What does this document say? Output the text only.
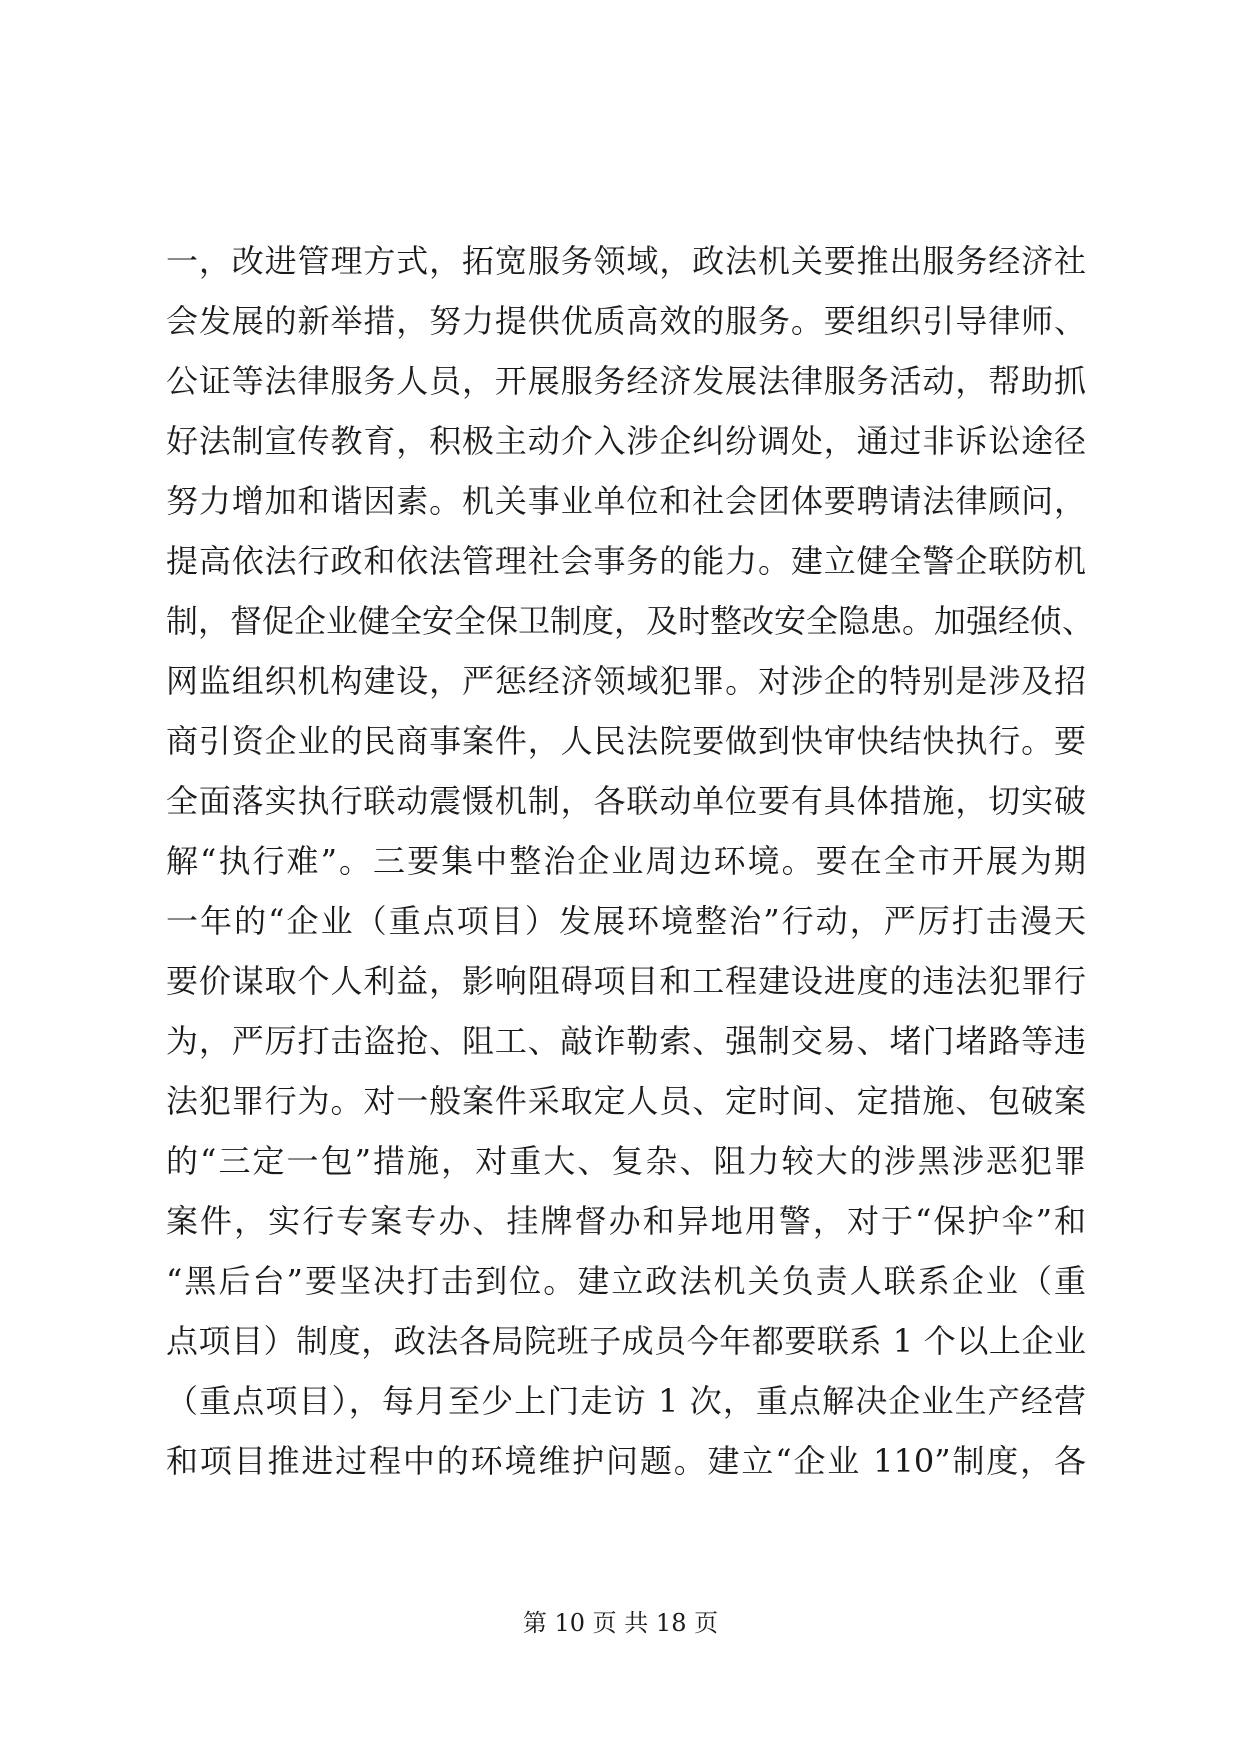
一，改进管理方式，拓宽服务领域，政法机关要推出服务经济社
会发展的新举措，努力提供优质高效的服务。要组织引导律师、
公证等法律服务人员，开展服务经济发展法律服务活动，帮助抓
好法制宣传教育，积极主动介入涉企纠纷调处，通过非诉讼途径
努力增加和谐因素。机关事业单位和社会团体要聘请法律顾问，
提高依法行政和依法管理社会事务的能力。建立健全警企联防机
制，督促企业健全安全保卫制度，及时整改安全隐患。加强经侦、
网监组织机构建设，严惩经济领域犯罪。对涉企的特别是涉及招
商引资企业的民商事案件，人民法院要做到快审快结快执行。要
全面落实执行联动震慑机制，各联动单位要有具体措施，切实破
解“执行难”。三要集中整治企业周边环境。要在全市开展为期
一年的“企业（重点项目）发展环境整治”行动，严厉打击漫天
要价谋取个人利益，影响阻碍项目和工程建设进度的违法犯罪行
为，严厉打击盗抢、阻工、敲诈勒索、强制交易、堵门堵路等违
法犯罪行为。对一般案件采取定人员、定时间、定措施、包破案
的“三定一包”措施，对重大、复杂、阻力较大的涉黑涉恶犯罪
案件，实行专案专办、挂牌督办和异地用警，对于“保护伞”和
“黑后台”要坚决打击到位。建立政法机关负责人联系企业（重
点项目）制度，政法各局院班子成员今年都要联系 1 个以上企业
（重点项目），每月至少上门走访 1 次，重点解决企业生产经营
和项目推进过程中的环境维护问题。建立“企业 110”制度，各
第 10 页 共 18 页
